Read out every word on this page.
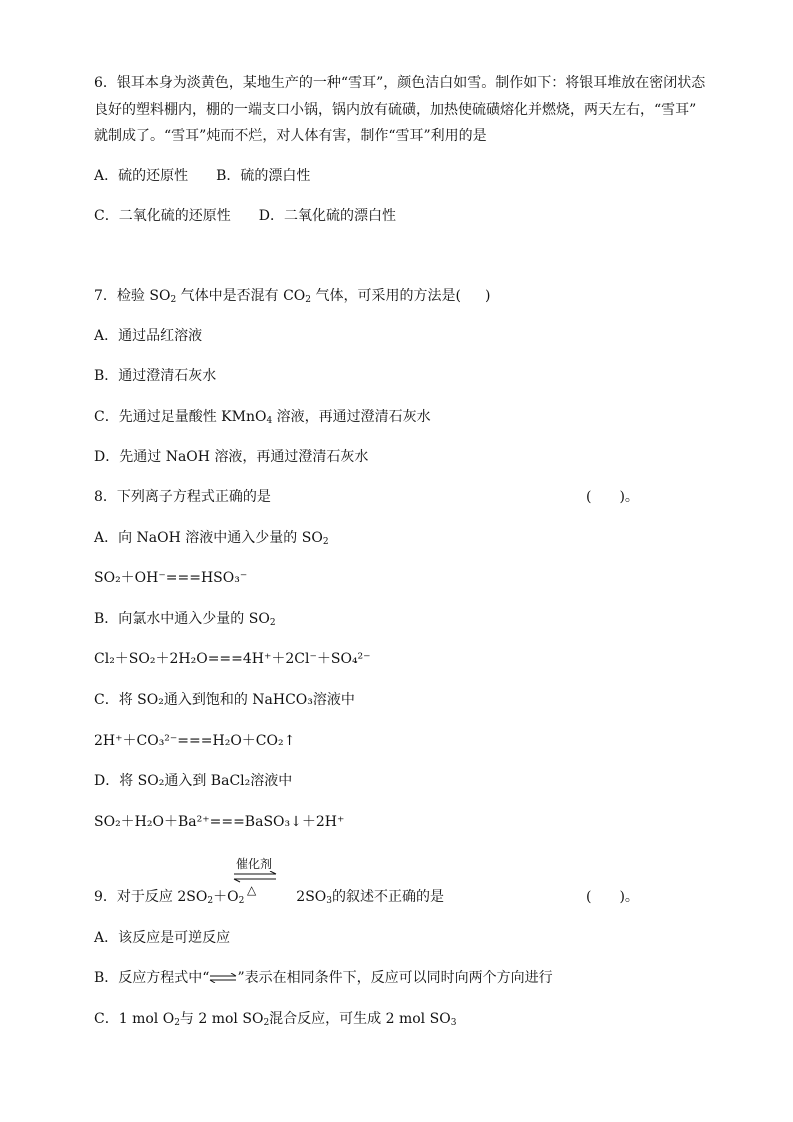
6．银耳本身为淡黄色，某地生产的一种“雪耳”，颜色洁白如雪。制作如下：将银耳堆放在密闭状态
良好的塑料棚内，棚的一端支口小锅，锅内放有硫磺，加热使硫磺熔化并燃烧，两天左右，“雪耳”
就制成了。“雪耳”炖而不烂，对人体有害，制作“雪耳”利用的是
A．硫的还原性 B．硫的漂白性
C．二氧化硫的还原性 D．二氧化硫的漂白性
7．检验 $SO_2$ 气体中是否混有 $CO_2$ 气体，可采用的方法是( )
A．通过品红溶液
B．通过澄清石灰水
C．先通过足量酸性 KMnO$_4$ 溶液，再通过澄清石灰水
D．先通过 NaOH 溶液，再通过澄清石灰水
8．下列离子方程式正确的是	(　　)。
A．向 NaOH 溶液中通入少量的 $SO_2$
SO₂＋OH⁻===HSO₃⁻
B．向氯水中通入少量的 $SO_2$
Cl₂＋SO₂＋2H₂O===4H⁺＋2Cl⁻＋SO₄²⁻
C．将 SO₂通入到饱和的 NaHCO₃溶液中
2H⁺＋CO₃²⁻===H₂O＋CO₂↑
D．将 SO₂通入到 BaCl₂溶液中
SO₂＋H₂O＋Ba²⁺===BaSO₃↓＋2H⁺
催化剂
△
9．对于反应 $2SO_2+O_2$	$2SO_3$的叙述不正确的是	(　　)。
A．该反应是可逆反应
B．反应方程式中“ ”表示在相同条件下，反应可以同时向两个方向进行
C．1 mol $O_2$与 2 mol $SO_2$混合反应，可生成 2 mol $SO_3$
